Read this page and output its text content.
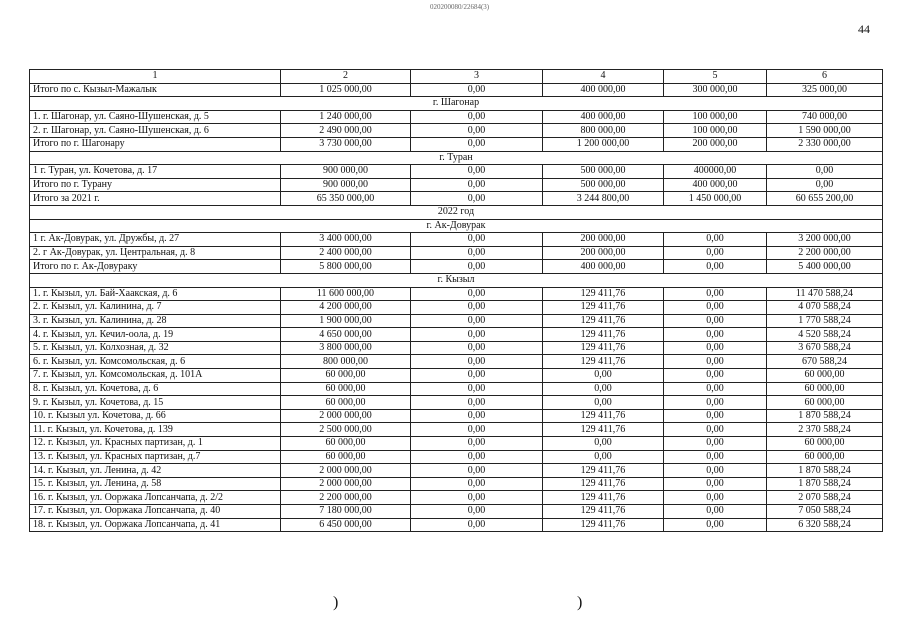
020200080/22684(3)
44
1	2	3	4	5	6
Итого по с. Кызыл-Мажалык	1 025 000,00	0,00	400 000,00	300 000,00	325 000,00
г. Шагонар					
1. г. Шагонар, ул. Саяно-Шушенская, д. 5	1 240 000,00	0,00	400 000,00	100 000,00	740 000,00
2. г. Шагонар, ул. Саяно-Шушенская, д. 6	2 490 000,00	0,00	800 000,00	100 000,00	1 590 000,00
Итого по г. Шагонару	3 730 000,00	0,00	1 200 000,00	200 000,00	2 330 000,00
г. Туран					
1 г. Туран, ул. Кочетова, д. 17	900 000,00	0,00	500 000,00	400000,00	0,00
Итого по г. Турану	900 000,00	0,00	500 000,00	400 000,00	0,00
Итого за 2021 г.	65 350 000,00	0,00	3 244 800,00	1 450 000,00	60 655 200,00
2022 год					
г. Ак-Довурак					
1 г. Ак-Довурак, ул. Дружбы, д. 27	3 400 000,00	0,00	200 000,00	0,00	3 200 000,00
2. г Ак-Довурак, ул. Центральная, д. 8	2 400 000,00	0,00	200 000,00	0,00	2 200 000,00
Итого по г. Ак-Довураку	5 800 000,00	0,00	400 000,00	0,00	5 400 000,00
г. Кызыл					
1. г. Кызыл, ул. Бай-Хаакская, д. 6	11 600 000,00	0,00	129 411,76	0,00	11 470 588,24
2. г. Кызыл, ул. Калинина, д. 7	4 200 000,00	0,00	129 411,76	0,00	4 070 588,24
3. г. Кызыл, ул. Калинина, д. 28	1 900 000,00	0,00	129 411,76	0,00	1 770 588,24
4. г. Кызыл, ул. Кечил-оола, д. 19	4 650 000,00	0,00	129 411,76	0,00	4 520 588,24
5. г. Кызыл, ул. Колхозная, д. 32	3 800 000,00	0,00	129 411,76	0,00	3 670 588,24
6. г. Кызыл, ул. Комсомольская, д. 6	800 000,00	0,00	129 411,76	0,00	670 588,24
7. г. Кызыл, ул. Комсомольская, д. 101А	60 000,00	0,00	0,00	0,00	60 000,00
8. г. Кызыл, ул. Кочетова, д. 6	60 000,00	0,00	0,00	0,00	60 000,00
9. г. Кызыл, ул. Кочетова, д. 15	60 000,00	0,00	0,00	0,00	60 000,00
10. г. Кызыл ул. Кочетова, д. 66	2 000 000,00	0,00	129 411,76	0,00	1 870 588,24
11. г. Кызыл, ул. Кочетова, д. 139	2 500 000,00	0,00	129 411,76	0,00	2 370 588,24
12. г. Кызыл, ул. Красных партизан, д. 1	60 000,00	0,00	0,00	0,00	60 000,00
13. г. Кызыл, ул. Красных партизан, д.7	60 000,00	0,00	0,00	0,00	60 000,00
14. г. Кызыл, ул. Ленина, д. 42	2 000 000,00	0,00	129 411,76	0,00	1 870 588,24
15. г. Кызыл, ул. Ленина, д. 58	2 000 000,00	0,00	129 411,76	0,00	1 870 588,24
16. г. Кызыл, ул. Ооржака Лопсанчапа, д. 2/2	2 200 000,00	0,00	129 411,76	0,00	2 070 588,24
17. г. Кызыл, ул. Ооржака Лопсанчапа, д. 40	7 180 000,00	0,00	129 411,76	0,00	7 050 588,24
18. г. Кызыл, ул. Ооржака Лопсанчапа, д. 41	6 450 000,00	0,00	129 411,76	0,00	6 320 588,24
)	)
